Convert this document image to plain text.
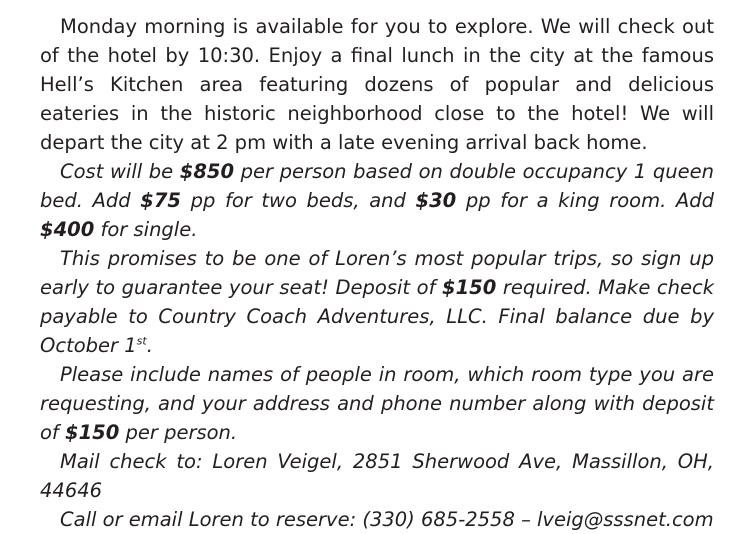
Monday morning is available for you to explore. We will check out of the hotel by 10:30. Enjoy a final lunch in the city at the famous Hell’s Kitchen area featuring dozens of popular and delicious eateries in the historic neighborhood close to the hotel! We will depart the city at 2 pm with a late evening arrival back home.

Cost will be $850 per person based on double occupancy 1 queen bed. Add $75 pp for two beds, and $30 pp for a king room. Add $400 for single.

This promises to be one of Loren’s most popular trips, so sign up early to guarantee your seat! Deposit of $150 required. Make check payable to Country Coach Adventures, LLC. Final balance due by October 1st.

Please include names of people in room, which room type you are requesting, and your address and phone number along with deposit of $150 per person.

Mail check to: Loren Veigel, 2851 Sherwood Ave, Massillon, OH, 44646

Call or email Loren to reserve: (330) 685-2558 – lveig@sssnet.com
